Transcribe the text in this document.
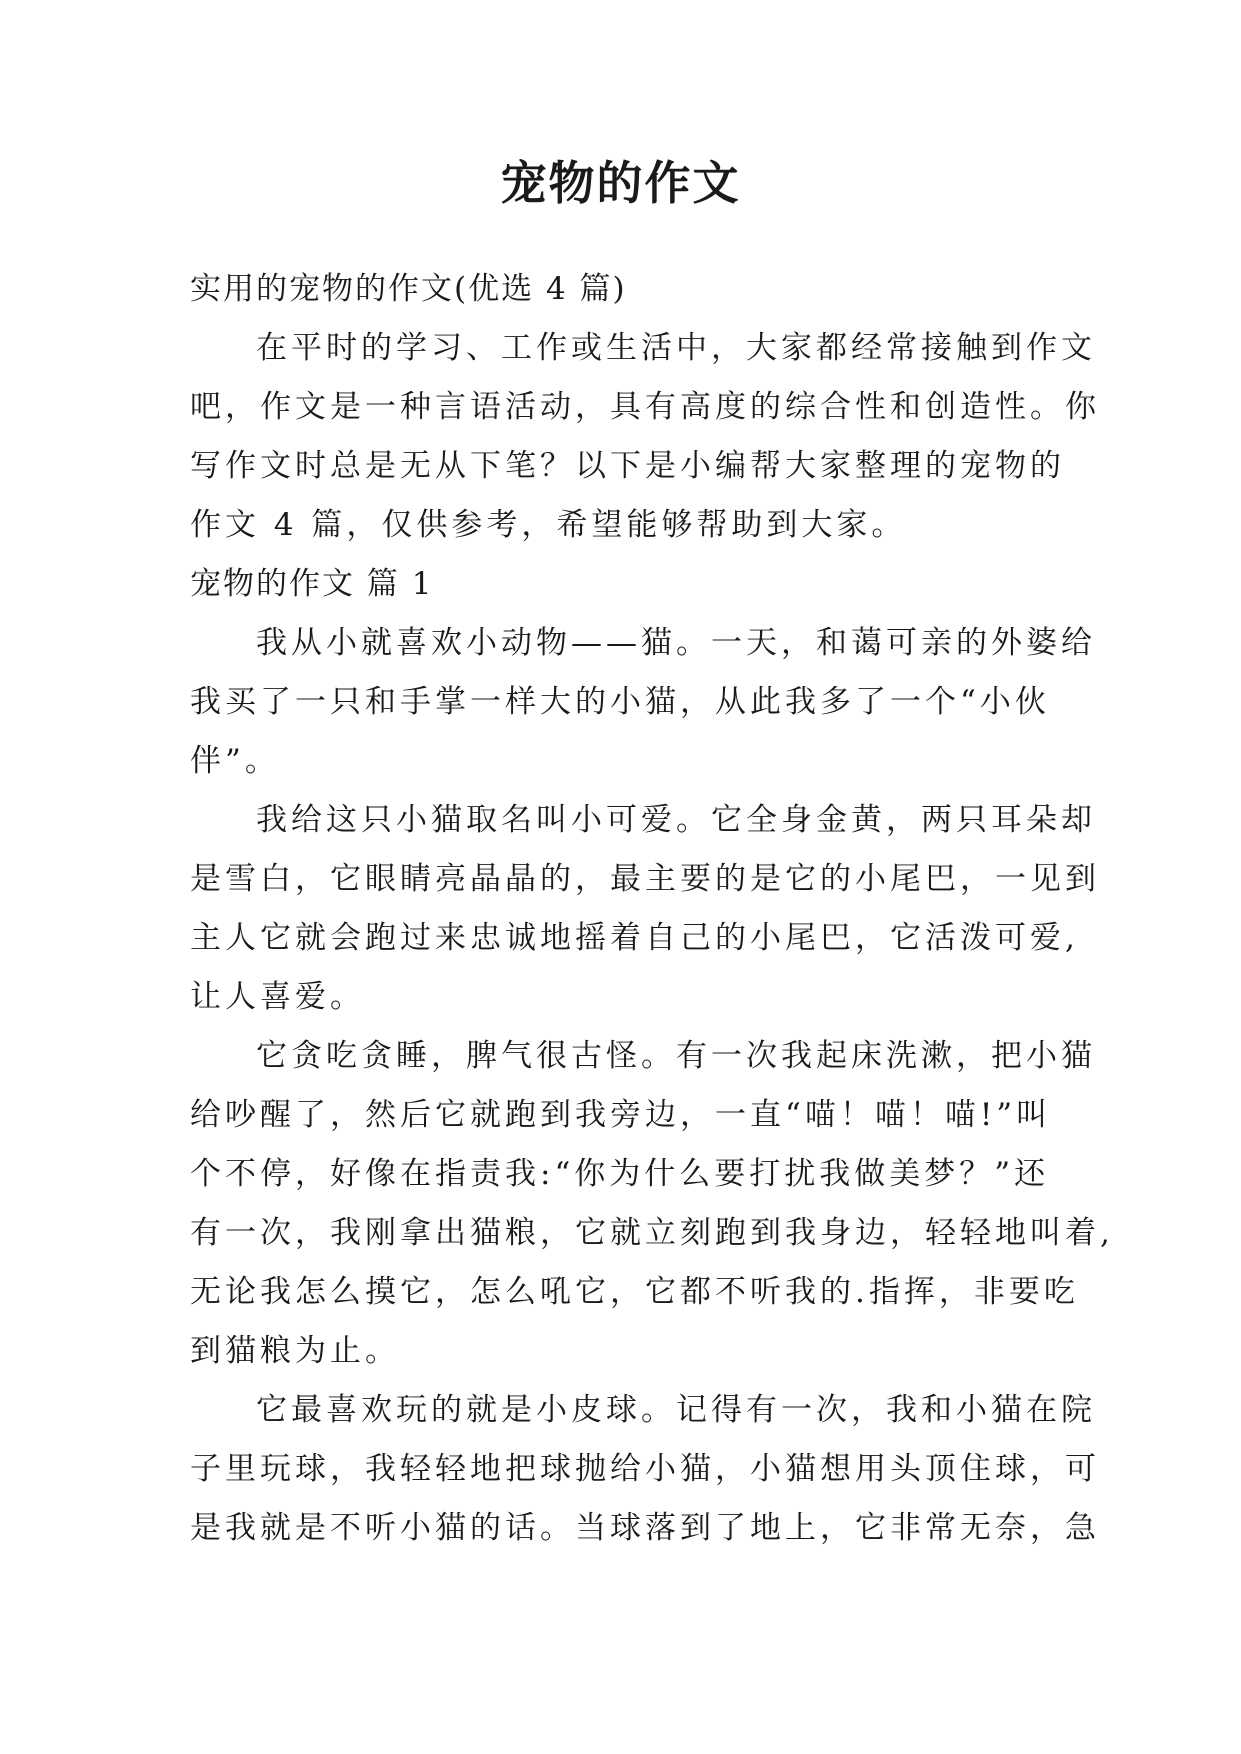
宠物的作文

实用的宠物的作文(优选 4 篇)

在平时的学习、工作或生活中，大家都经常接触到作文

吧，作文是一种言语活动，具有高度的综合性和创造性。你

写作文时总是无从下笔？以下是小编帮大家整理的宠物的

作文 4 篇，仅供参考，希望能够帮助到大家。

宠物的作文 篇 1

我从小就喜欢小动物——猫。一天，和蔼可亲的外婆给

我买了一只和手掌一样大的小猫，从此我多了一个“小伙

伴”。

我给这只小猫取名叫小可爱。它全身金黄，两只耳朵却

是雪白，它眼睛亮晶晶的，最主要的是它的小尾巴，一见到

主人它就会跑过来忠诚地摇着自己的小尾巴，它活泼可爱,

让人喜爱。

它贪吃贪睡，脾气很古怪。有一次我起床洗漱，把小猫

给吵醒了，然后它就跑到我旁边，一直“喵！喵！喵!”叫

个不停，好像在指责我:“你为什么要打扰我做美梦？”还

有一次，我刚拿出猫粮，它就立刻跑到我身边，轻轻地叫着,

无论我怎么摸它，怎么吼它，它都不听我的.指挥，非要吃

到猫粮为止。

它最喜欢玩的就是小皮球。记得有一次，我和小猫在院

子里玩球，我轻轻地把球抛给小猫，小猫想用头顶住球，可

是我就是不听小猫的话。当球落到了地上，它非常无奈，急
